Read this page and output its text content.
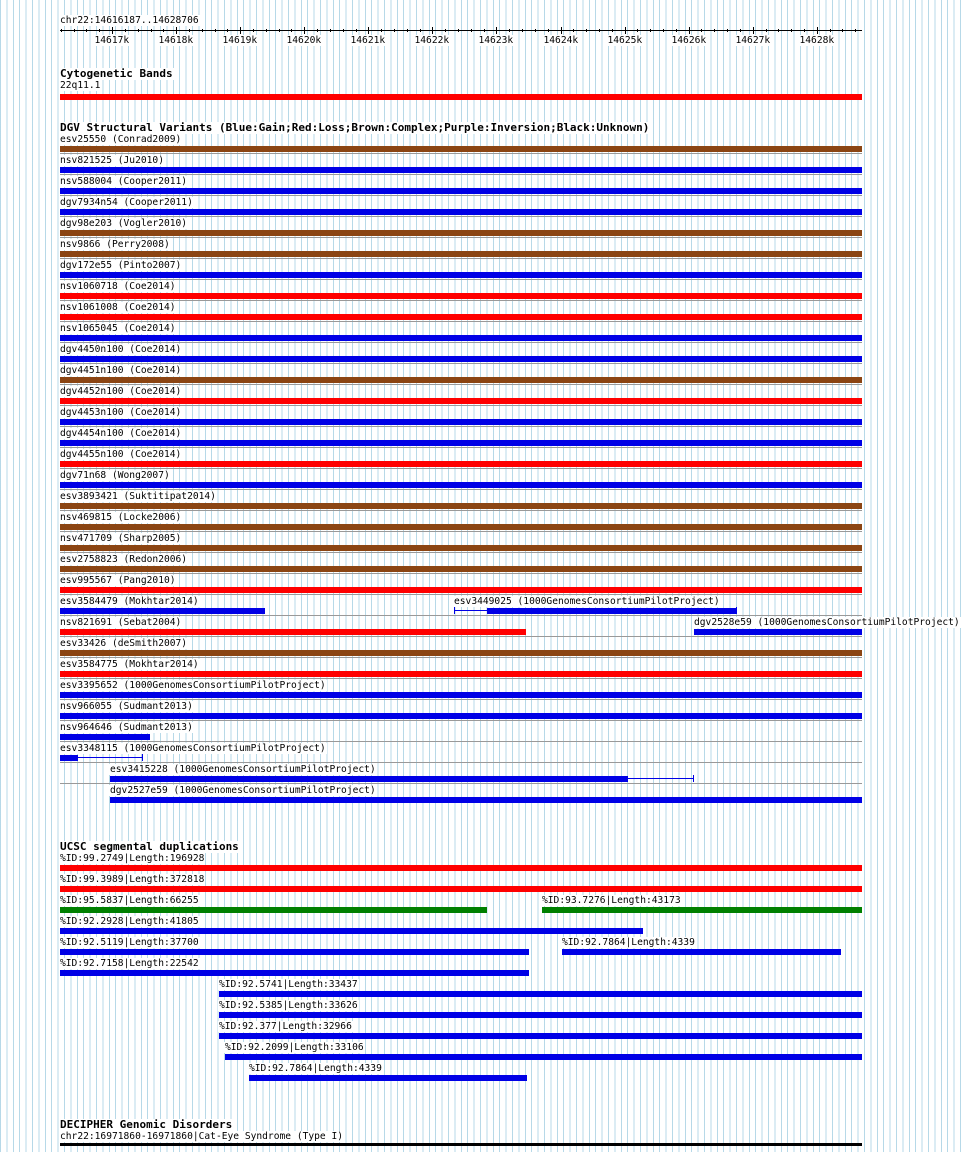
chr22:14616187..14628706
14617k	14618k	14619k	14620k	14621k	14622k	14623k	14624k	14625k	14626k	14627k	14628k
Cytogenetic Bands
22q11.1
DGV Structural Variants (Blue:Gain;Red:Loss;Brown:Complex;Purple:Inversion;Black:Unknown)
esv25550 (Conrad2009)
nsv821525 (Ju2010)
nsv588004 (Cooper2011)
dgv7934n54 (Cooper2011)
dgv98e203 (Vogler2010)
nsv9866 (Perry2008)
dgv172e55 (Pinto2007)
nsv1060718 (Coe2014)
nsv1061008 (Coe2014)
nsv1065045 (Coe2014)
dgv4450n100 (Coe2014)
dgv4451n100 (Coe2014)
dgv4452n100 (Coe2014)
dgv4453n100 (Coe2014)
dgv4454n100 (Coe2014)
dgv4455n100 (Coe2014)
dgv71n68 (Wong2007)
esv3893421 (Suktitipat2014)
nsv469815 (Locke2006)
nsv471709 (Sharp2005)
esv2758823 (Redon2006)
esv995567 (Pang2010)
esv3584479 (Mokhtar2014)	esv3449025 (1000GenomesConsortiumPilotProject)
nsv821691 (Sebat2004)	dgv2528e59 (1000GenomesConsortiumPilotProject)
esv33426 (deSmith2007)
esv3584775 (Mokhtar2014)
esv3395652 (1000GenomesConsortiumPilotProject)
nsv966055 (Sudmant2013)
nsv964646 (Sudmant2013)
esv3348115 (1000GenomesConsortiumPilotProject)
esv3415228 (1000GenomesConsortiumPilotProject)
dgv2527e59 (1000GenomesConsortiumPilotProject)
UCSC segmental duplications
%ID:99.2749|Length:196928
%ID:99.3989|Length:372818
%ID:95.5837|Length:66255	%ID:93.7276|Length:43173
%ID:92.2928|Length:41805
%ID:92.5119|Length:37700	%ID:92.7864|Length:4339
%ID:92.7158|Length:22542
%ID:92.5741|Length:33437
%ID:92.5385|Length:33626
%ID:92.377|Length:32966
%ID:92.2099|Length:33106
%ID:92.7864|Length:4339
DECIPHER Genomic Disorders
chr22:16971860-16971860|Cat-Eye Syndrome (Type I)
